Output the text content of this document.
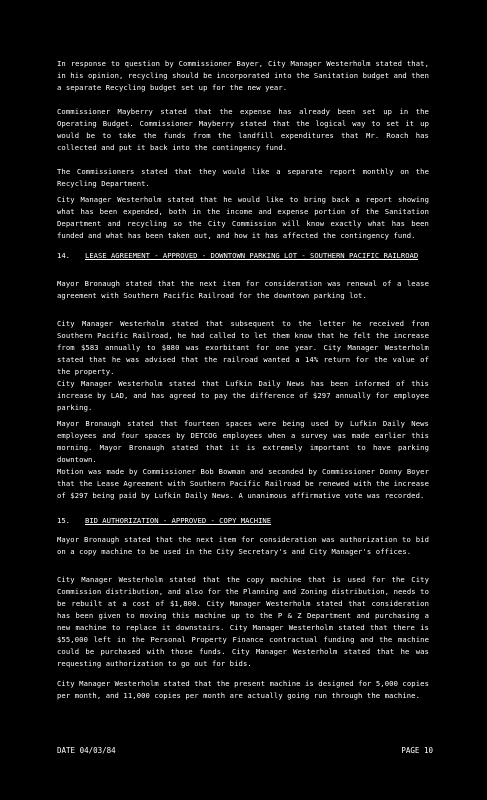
In response to question by Commissioner Bayer, City Manager Westerholm stated that, in his opinion, recycling should be incorporated into the Sanitation budget and then a separate Recycling budget set up for the new year.
Commissioner Mayberry stated that the expense has already been set up in the Operating Budget. Commissioner Mayberry stated that the logical way to set it up would be to take the funds from the landfill expenditures that Mr. Roach has collected and put it back into the contingency fund.
The Commissioners stated that they would like a separate report monthly on the Recycling Department.
City Manager Westerholm stated that he would like to bring back a report showing what has been expended, both in the income and expense portion of the Sanitation Department and recycling so the City Commission will know exactly what has been funded and what has been taken out, and how it has affected the contingency fund.
14. LEASE AGREEMENT - APPROVED - DOWNTOWN PARKING LOT - SOUTHERN PACIFIC RAILROAD
Mayor Bronaugh stated that the next item for consideration was renewal of a lease agreement with Southern Pacific Railroad for the downtown parking lot.
City Manager Westerholm stated that subsequent to the letter he received from Southern Pacific Railroad, he had called to let them know that he felt the increase from $583 annually to $880 was exorbitant for one year. City Manager Westerholm stated that he was advised that the railroad wanted a 14% return for the value of the property.
City Manager Westerholm stated that Lufkin Daily News has been informed of this increase by LAD, and has agreed to pay the difference of $297 annually for employee parking.
Mayor Bronaugh stated that fourteen spaces were being used by Lufkin Daily News employees and four spaces by DETCOG employees when a survey was made earlier this morning. Mayor Bronaugh stated that it is extremely important to have parking downtown.
Motion was made by Commissioner Bob Bowman and seconded by Commissioner Donny Boyer that the Lease Agreement with Southern Pacific Railroad be renewed with the increase of $297 being paid by Lufkin Daily News. A unanimous affirmative vote was recorded.
15. BID AUTHORIZATION - APPROVED - COPY MACHINE
Mayor Bronaugh stated that the next item for consideration was authorization to bid on a copy machine to be used in the City Secretary's and City Manager's offices.
City Manager Westerholm stated that the copy machine that is used for the City Commission distribution, and also for the Planning and Zoning distribution, needs to be rebuilt at a cost of $1,800. City Manager Westerholm stated that consideration has been given to moving this machine up to the P & Z Department and purchasing a new machine to replace it downstairs. City Manager Westerholm stated that there is $55,000 left in the Personal Property Finance contractual funding and the machine could be purchased with those funds. City Manager Westerholm stated that he was requesting authorization to go out for bids.
City Manager Westerholm stated that the present machine is designed for 5,000 copies per month, and 11,000 copies per month are actually going run through the machine.
DATE 04/03/84	PAGE 10
